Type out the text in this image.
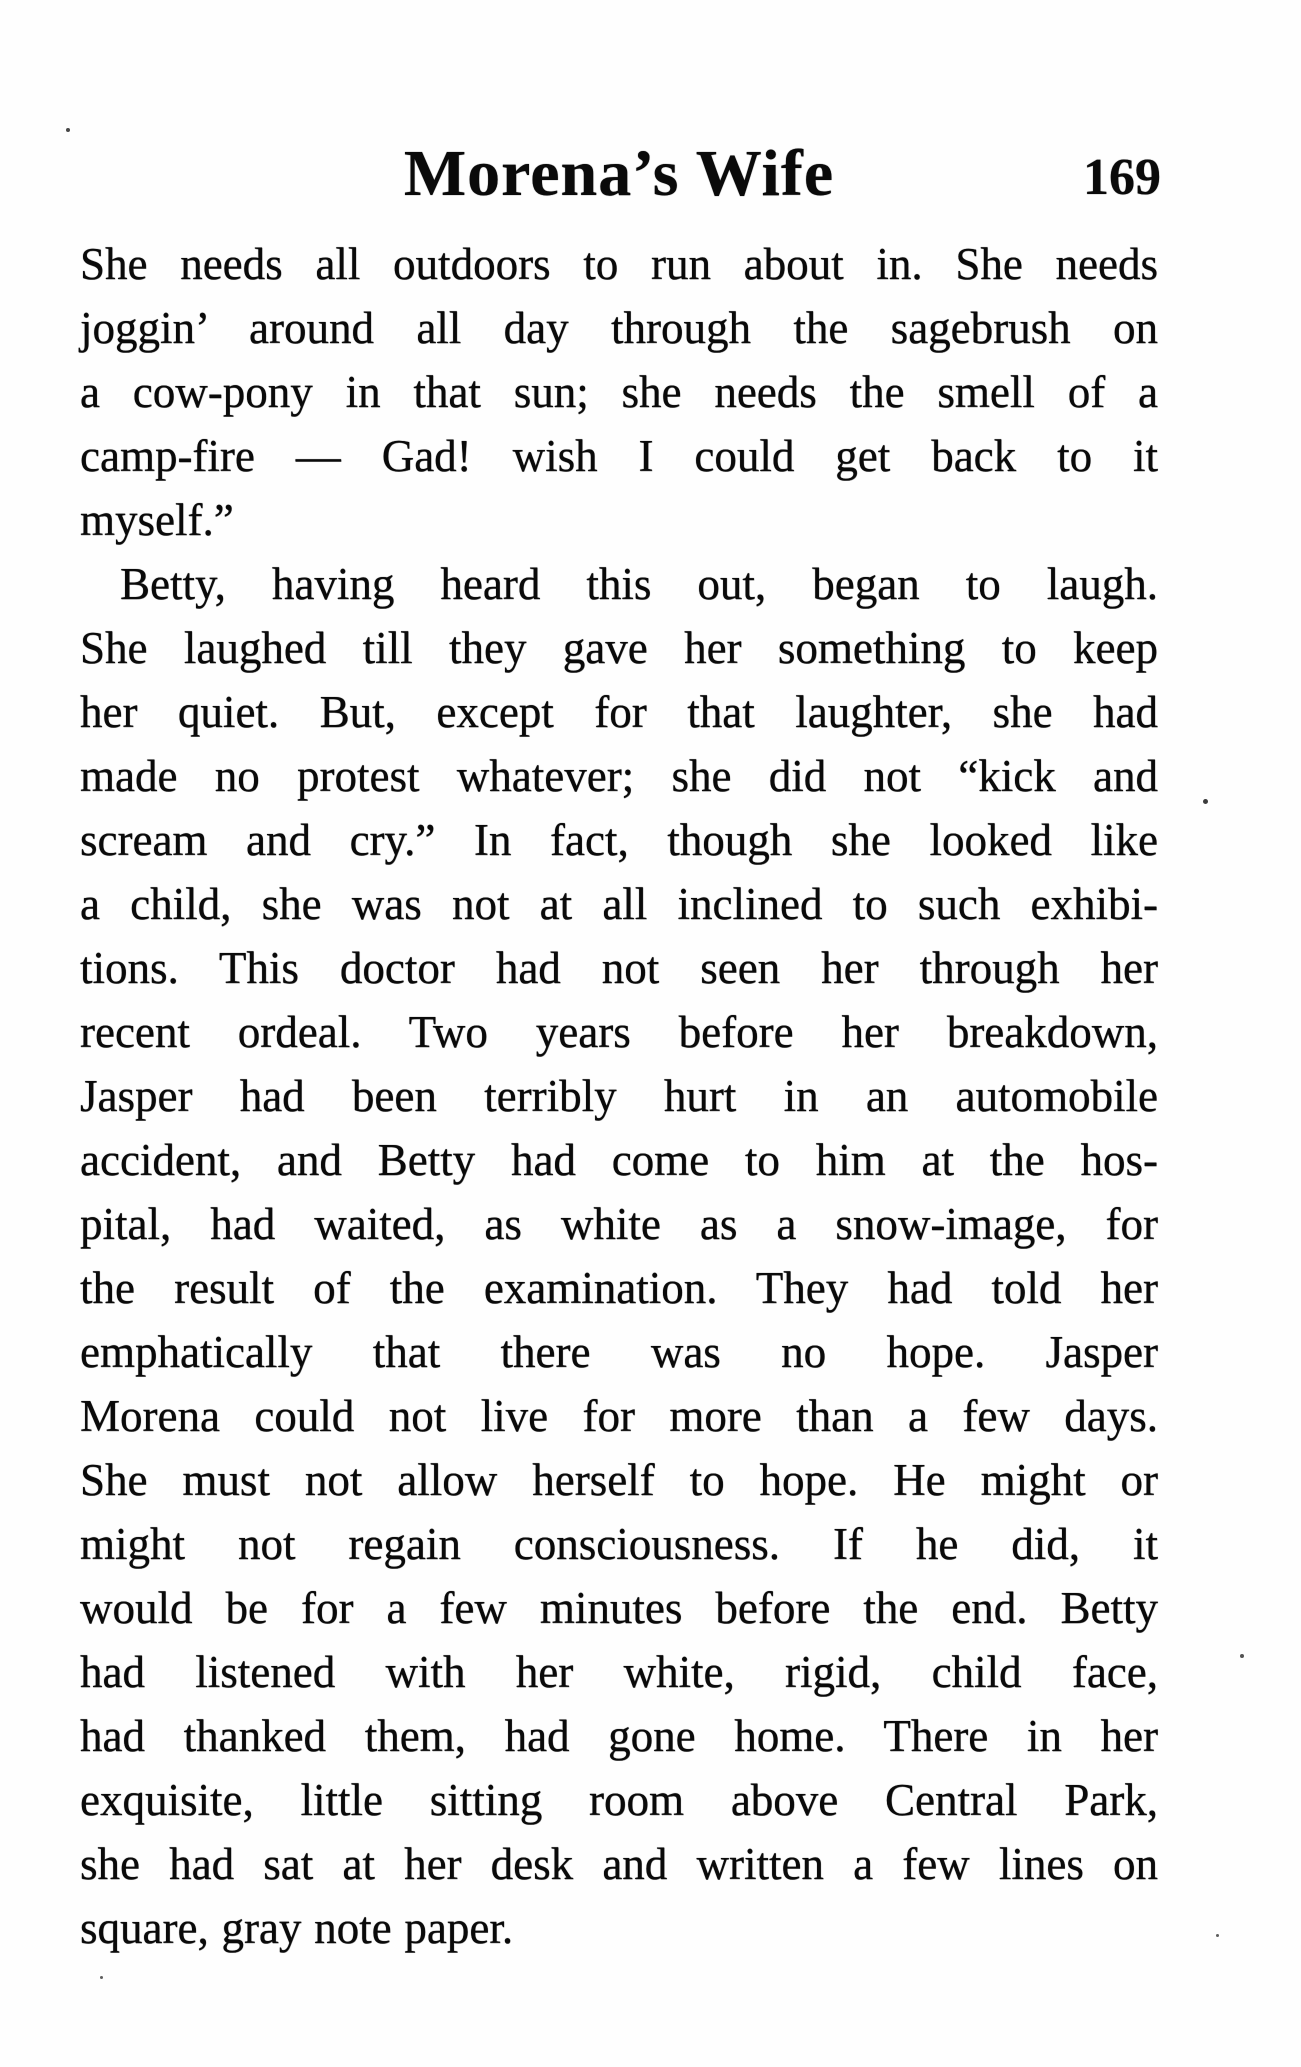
Morena’s Wife	169
She needs all outdoors to run about in. She needs
joggin’ around all day through the sagebrush on
a cow-pony in that sun; she needs the smell of a
camp-fire — Gad! wish I could get back to it
myself.”
Betty, having heard this out, began to laugh.
She laughed till they gave her something to keep
her quiet. But, except for that laughter, she had
made no protest whatever; she did not “kick and
scream and cry.” In fact, though she looked like
a child, she was not at all inclined to such exhibi-
tions. This doctor had not seen her through her
recent ordeal. Two years before her breakdown,
Jasper had been terribly hurt in an automobile
accident, and Betty had come to him at the hos-
pital, had waited, as white as a snow-image, for
the result of the examination. They had told her
emphatically that there was no hope. Jasper
Morena could not live for more than a few days.
She must not allow herself to hope. He might or
might not regain consciousness. If he did, it
would be for a few minutes before the end. Betty
had listened with her white, rigid, child face,
had thanked them, had gone home. There in her
exquisite, little sitting room above Central Park,
she had sat at her desk and written a few lines on
square, gray note paper.
